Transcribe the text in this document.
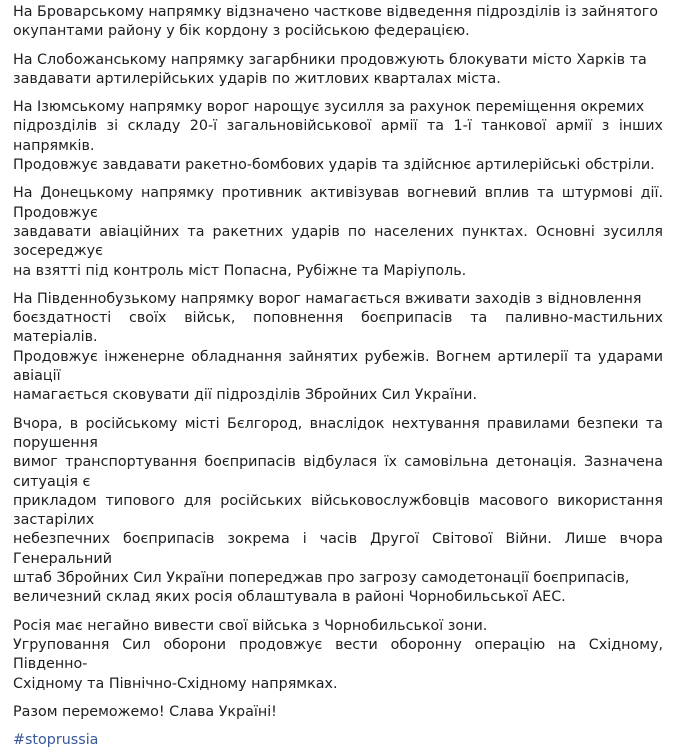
На Броварському напрямку відзначено часткове відведення підрозділів із зайнятого
окупантами району у бік кордону з російською федерацією.

На Слобожанському напрямку загарбники продовжують блокувати місто Харків та
завдавати артилерійських ударів по житлових кварталах міста.

На Ізюмському напрямку ворог нарощує зусилля за рахунок переміщення окремих
підрозділів зі складу 20-ї загальновійськової армії та 1-ї танкової армії з інших напрямків.
Продовжує завдавати ракетно-бомбових ударів та здійснює артилерійські обстріли.

На Донецькому напрямку противник активізував вогневий вплив та штурмові дії. Продовжує
завдавати авіаційних та ракетних ударів по населених пунктах. Основні зусилля зосереджує
на взятті під контроль міст Попасна, Рубіжне та Маріуполь.

На Південнобузькому напрямку ворог намагається вживати заходів з відновлення
боєздатності своїх військ, поповнення боєприпасів та паливно-мастильних матеріалів.
Продовжує інженерне обладнання зайнятих рубежів. Вогнем артилерії та ударами авіації
намагається сковувати дії підрозділів Збройних Сил України.

Вчора, в російському місті Бєлгород, внаслідок нехтування правилами безпеки та порушення
вимог транспортування боєприпасів відбулася їх самовільна детонація. Зазначена ситуація є
прикладом типового для російських військовослужбовців масового використання застарілих
небезпечних боєприпасів зокрема і часів Другої Світової Війни. Лише вчора Генеральний
штаб Збройних Сил України попереджав про загрозу самодетонації боєприпасів,
величезний склад яких росія облаштувала в районі Чорнобильської АЕС.

Росія має негайно вивести свої війська з Чорнобильської зони.
Угруповання Сил оборони продовжує вести оборонну операцію на Східному, Південно-
Східному та Північно-Східному напрямках.

Разом переможемо! Слава Україні!

#stoprussia
